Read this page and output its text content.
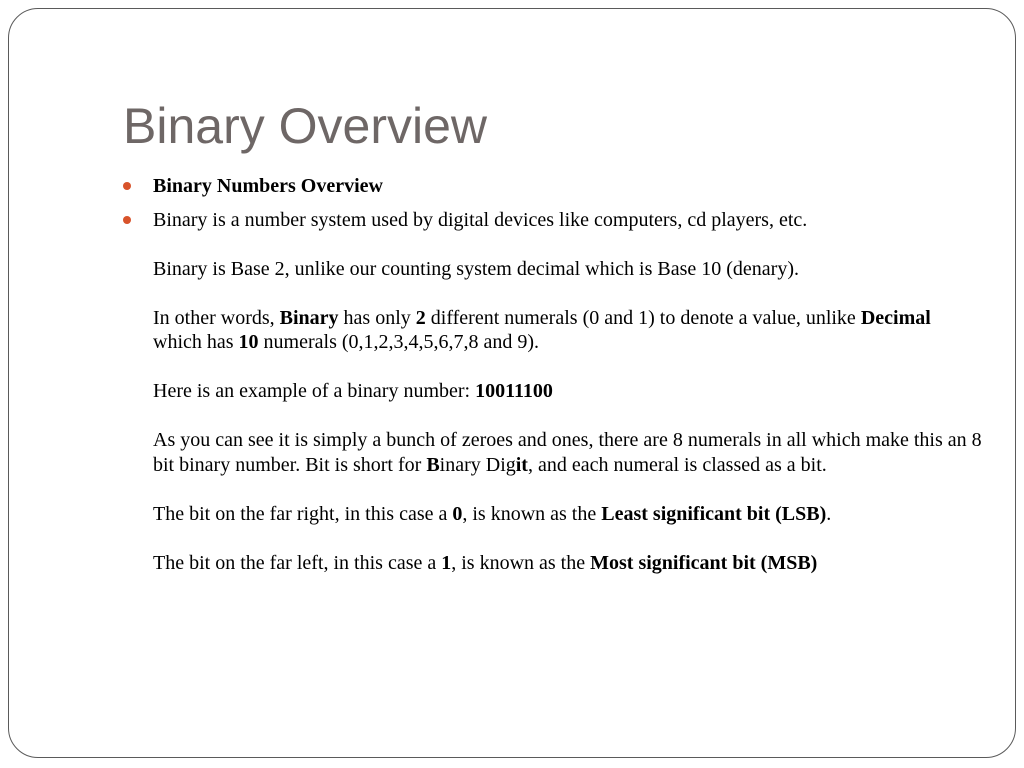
Binary Overview
Binary Numbers Overview

Binary is a number system used by digital devices like computers, cd players, etc.

Binary is Base 2, unlike our counting system decimal which is Base 10 (denary).

In other words, Binary has only 2 different numerals (0 and 1) to denote a value, unlike Decimal which has 10 numerals (0,1,2,3,4,5,6,7,8 and 9).

Here is an example of a binary number: 10011100

As you can see it is simply a bunch of zeroes and ones, there are 8 numerals in all which make this an 8 bit binary number. Bit is short for Binary Digit, and each numeral is classed as a bit.

The bit on the far right, in this case a 0, is known as the Least significant bit (LSB).

The bit on the far left, in this case a 1, is known as the Most significant bit (MSB)
